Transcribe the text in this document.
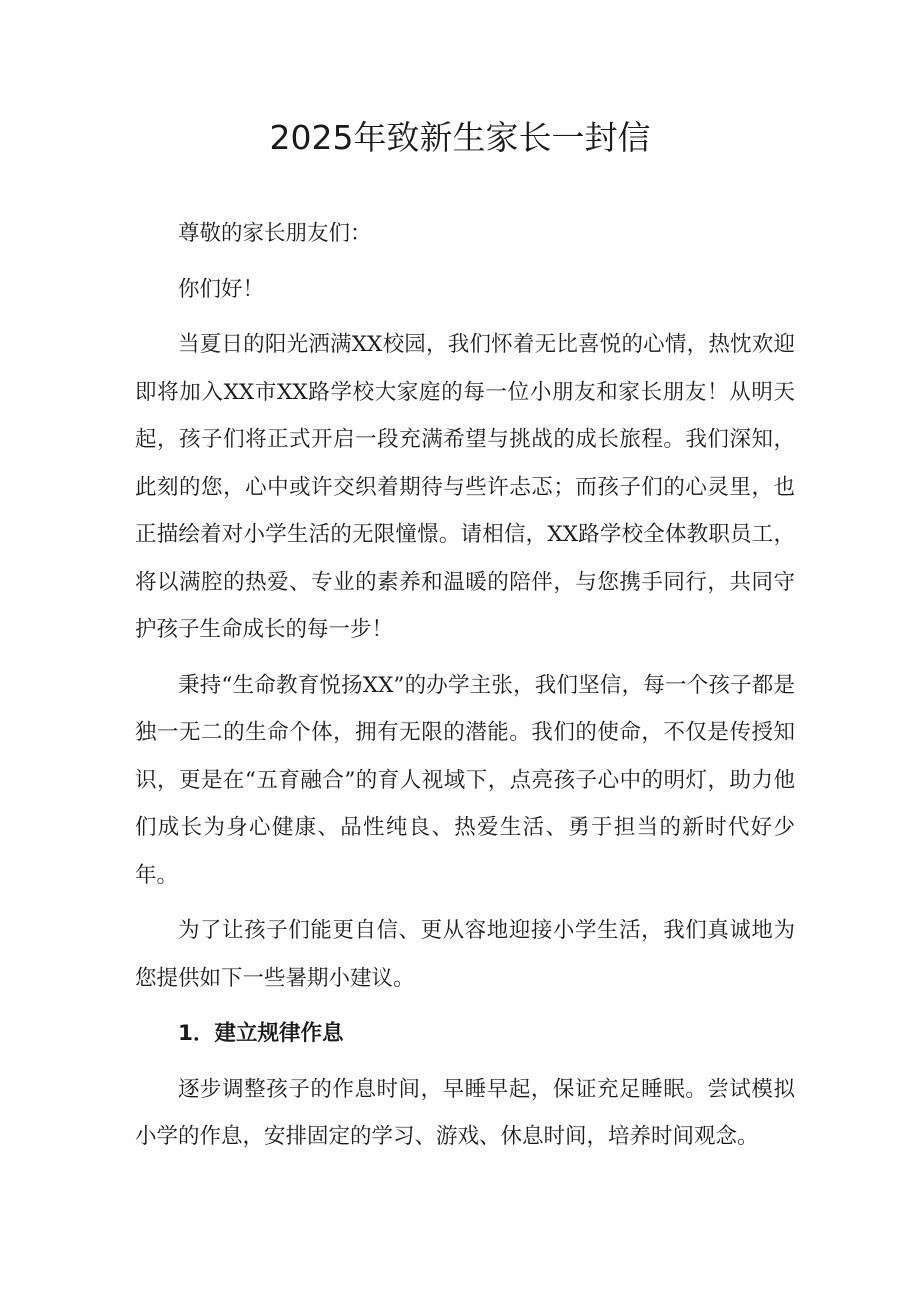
2025年致新生家长一封信

尊敬的家长朋友们：

你们好！

当夏日的阳光洒满XX校园，我们怀着无比喜悦的心情，热忱欢迎即将加入XX市XX路学校大家庭的每一位小朋友和家长朋友！从明天起，孩子们将正式开启一段充满希望与挑战的成长旅程。我们深知，此刻的您，心中或许交织着期待与些许忐忑；而孩子们的心灵里，也正描绘着对小学生活的无限憧憬。请相信，XX路学校全体教职员工，将以满腔的热爱、专业的素养和温暖的陪伴，与您携手同行，共同守护孩子生命成长的每一步！

秉持“生命教育悦扬XX”的办学主张，我们坚信，每一个孩子都是独一无二的生命个体，拥有无限的潜能。我们的使命，不仅是传授知识，更是在“五育融合”的育人视域下，点亮孩子心中的明灯，助力他们成长为身心健康、品性纯良、热爱生活、勇于担当的新时代好少年。

为了让孩子们能更自信、更从容地迎接小学生活，我们真诚地为您提供如下一些暑期小建议。

1．建立规律作息

逐步调整孩子的作息时间，早睡早起，保证充足睡眠。尝试模拟小学的作息，安排固定的学习、游戏、休息时间，培养时间观念。
